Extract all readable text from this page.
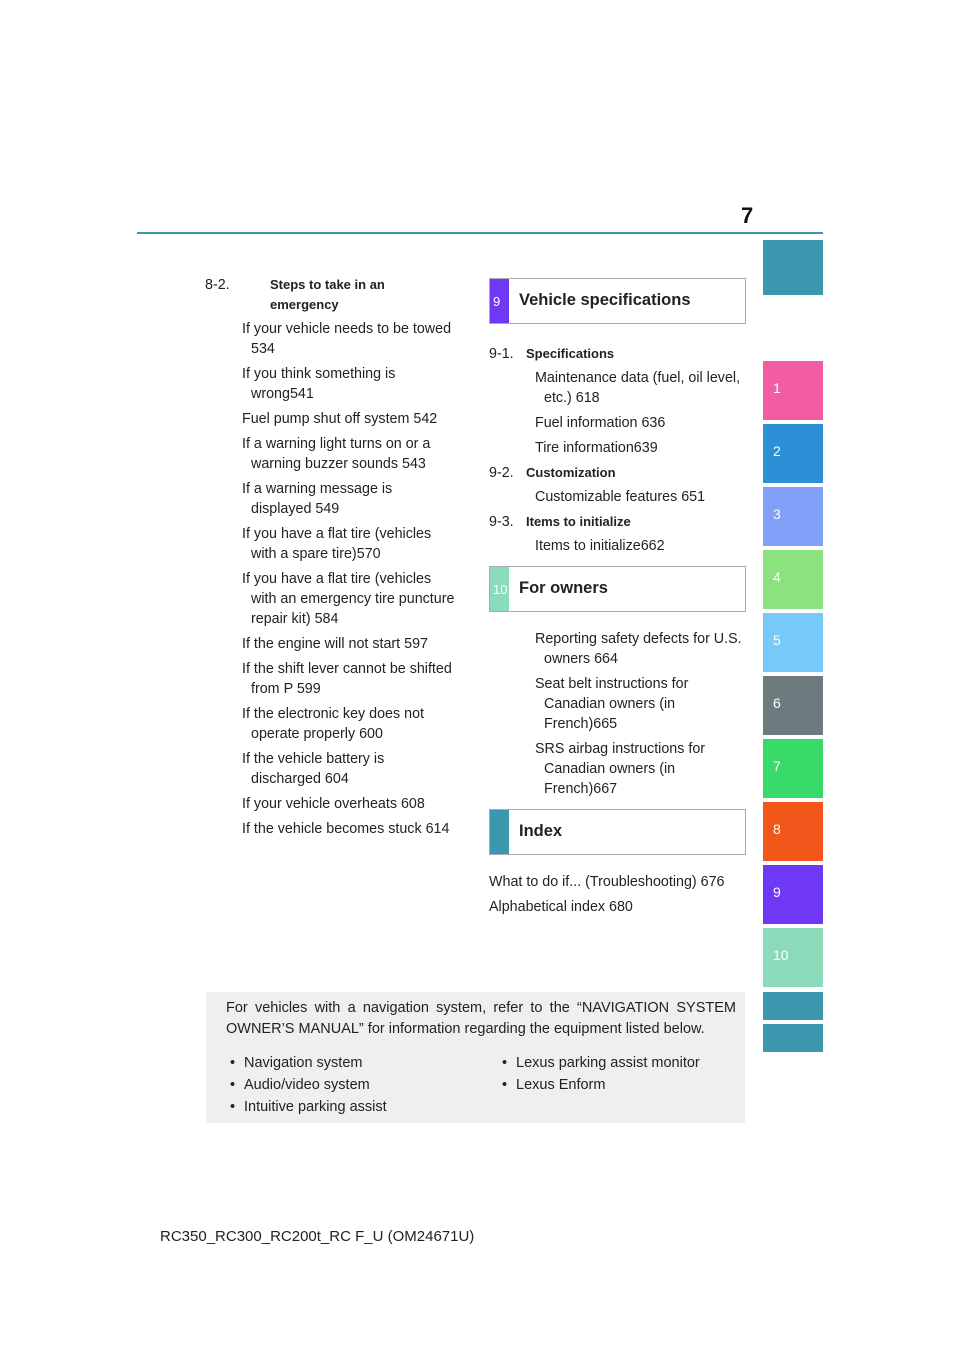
7
1
2
3
4
5
6
7
8
9
10
8-2.	Steps to take in an emergency
If your vehicle needs to be towed 534
If you think something is wrong541
Fuel pump shut off system 542
If a warning light turns on or a warning buzzer sounds 543
If a warning message is displayed 549
If you have a flat tire (vehicles with a spare tire)570
If you have a flat tire (vehicles with an emergency tire puncture repair kit) 584
If the engine will not start 597
If the shift lever cannot be shifted from P 599
If the electronic key does not operate properly 600
If the vehicle battery is discharged 604
If your vehicle overheats 608
If the vehicle becomes stuck 614
9 Vehicle specifications
9-1. Specifications
Maintenance data (fuel, oil level, etc.) 618
Fuel information 636
Tire information639
9-2. Customization
Customizable features 651
9-3. Items to initialize
Items to initialize662
10 For owners
Reporting safety defects for U.S. owners 664
Seat belt instructions for Canadian owners (in French)665
SRS airbag instructions for Canadian owners (in French)667
Index
What to do if... (Troubleshooting) 676
Alphabetical index 680
For vehicles with a navigation system, refer to the “NAVIGATION SYSTEM OWNER’S MANUAL” for information regarding the equipment listed below.
• Navigation system
• Audio/video system
• Intuitive parking assist
• Lexus parking assist monitor
• Lexus Enform
RC350_RC300_RC200t_RC F_U (OM24671U)
